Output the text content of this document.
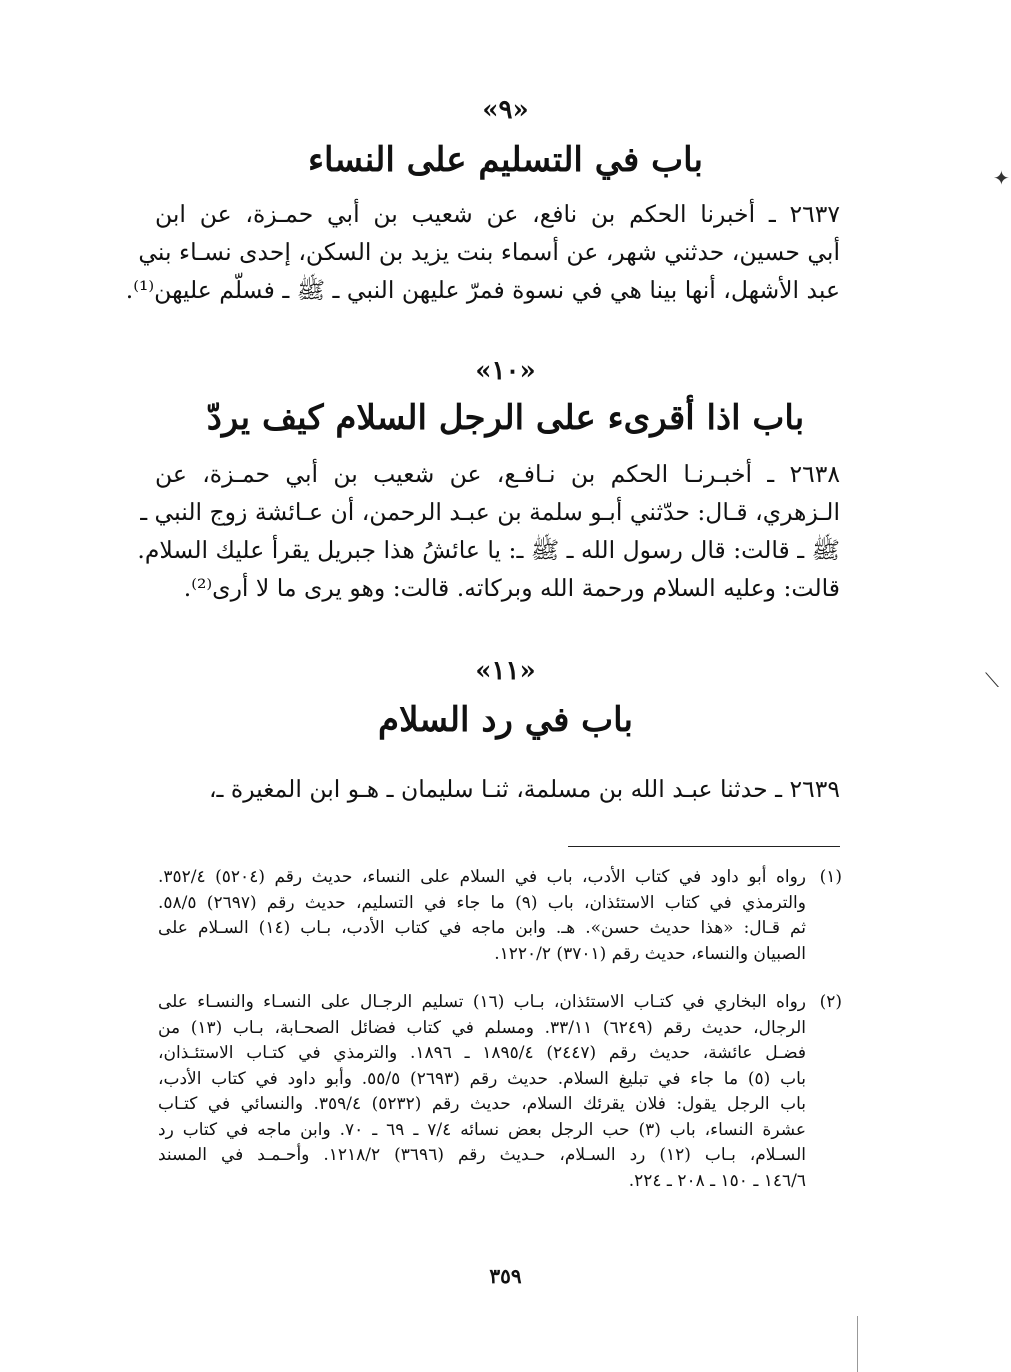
«٩»
باب في التسليم على النساء
٢٦٣٧ ـ أخبرنا الحكم بن نافع، عن شعيب بن أبي حمـزة، عن ابن
أبي حسين، حدثني شهر، عن أسماء بنت يزيد بن السكن، إحدى نسـاء بني
عبد الأشهل، أنها بينا هي في نسوة فمرّ عليهن النبي ـ ﷺ ـ فسلّم عليهن⁽¹⁾.
«١٠»
باب اذا أقرىء على الرجل السلام كيف يردّ
٢٦٣٨ ـ أخبـرنـا الحكم بن نـافـع، عن شعيب بن أبي حمـزة، عن
الـزهري، قـال: حدّثني أبـو سلمة بن عبـد الرحمن، أن عـائشة زوج النبي ـ
ﷺ ـ قالت: قال رسول الله ـ ﷺ ـ: يا عائشُ هذا جبريل يقرأ عليك السلام.
قالت: وعليه السلام ورحمة الله وبركاته. قالت: وهو يرى ما لا أرى⁽²⁾.
«١١»
باب في رد السلام
٢٦٣٩ ـ حدثنا عبـد الله بن مسلمة، ثنـا سليمان ـ هـو ابن المغيرة ـ،
(١)
رواه أبو داود في كتاب الأدب، باب في السلام على النساء، حديث رقم (٥٢٠٤) ٣٥٢/٤.
والترمذي في كتاب الاستئذان، باب (٩) ما جاء في التسليم، حديث رقم (٢٦٩٧) ٥٨/٥.
ثم قـال: «هذا حديث حسن». هـ. وابن ماجه في كتاب الأدب، بـاب (١٤) السـلام على
الصبيان والنساء، حديث رقم (٣٧٠١) ١٢٢٠/٢.
(٢)
رواه البخاري في كتـاب الاستئذان، بـاب (١٦) تسليم الرجـال على النسـاء والنسـاء على
الرجال، حديث رقم (٦٢٤٩) ٣٣/١١. ومسلم في كتاب فضائل الصحـابة، بـاب (١٣) من
فضـل عائشة، حديث رقم (٢٤٤٧) ١٨٩٥/٤ ـ ١٨٩٦. والترمذي في كتـاب الاستئـذان،
باب (٥) ما جاء في تبليغ السلام. حديث رقم (٢٦٩٣) ٥٥/٥. وأبو داود في كتاب الأدب،
باب الرجل يقول: فلان يقرئك السلام، حديث رقم (٥٢٣٢) ٣٥٩/٤. والنسائي في كتـاب
عشرة النساء، باب (٣) حب الرجل بعض نسائه ٧/٤ ـ ٦٩ ـ ٧٠. وابن ماجه في كتاب رد
السـلام، بـاب (١٢) رد السـلام، حـديث رقم (٣٦٩٦) ١٢١٨/٢. وأحـمـد في المسند
١٤٦/٦ ـ ١٥٠ ـ ٢٠٨ ـ ٢٢٤.
٣٥٩
✦
⟋
